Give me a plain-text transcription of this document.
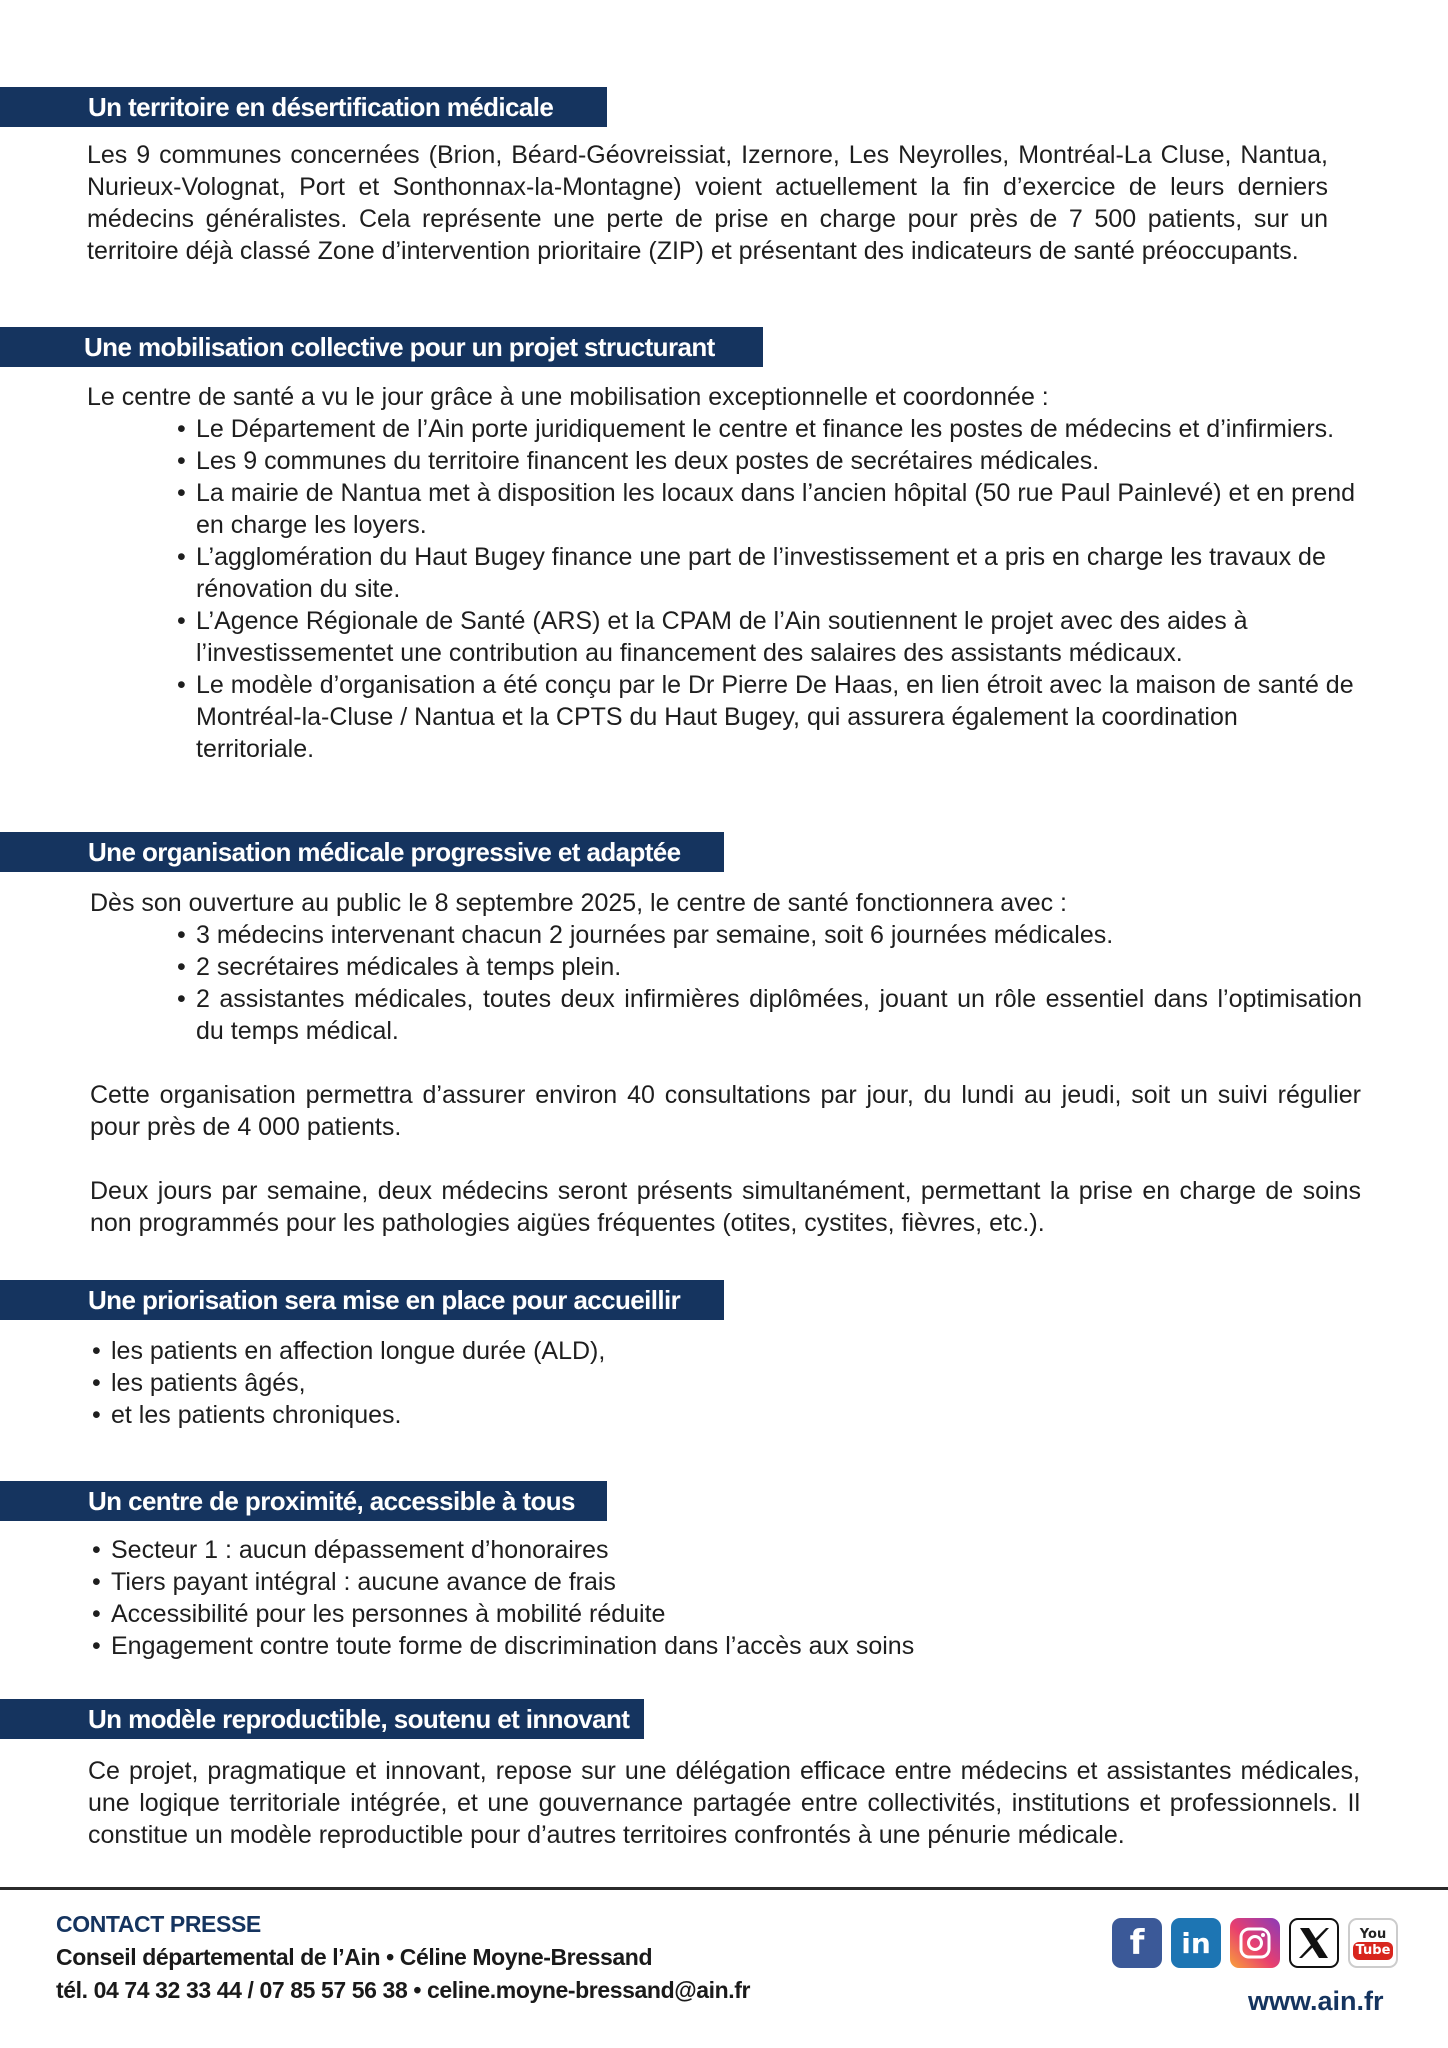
Un territoire en désertification médicale

Les 9 communes concernées (Brion, Béard-Géovreissiat, Izernore, Les Neyrolles, Montréal-La Cluse, Nantua, Nurieux-Volognat, Port et Sonthonnax-la-Montagne) voient actuellement la fin d’exercice de leurs derniers médecins généralistes. Cela représente une perte de prise en charge pour près de 7 500 patients, sur un territoire déjà classé Zone d’intervention prioritaire (ZIP) et présentant des indicateurs de santé préoccupants.

Une mobilisation collective pour un projet structurant

Le centre de santé a vu le jour grâce à une mobilisation exceptionnelle et coordonnée :

• Le Département de l’Ain porte juridiquement le centre et finance les postes de médecins et d’infirmiers.
• Les 9 communes du territoire financent les deux postes de secrétaires médicales.
• La mairie de Nantua met à disposition les locaux dans l’ancien hôpital (50 rue Paul Painlevé) et en prend en charge les loyers.
• L’agglomération du Haut Bugey finance une part de l’investissement et a pris en charge les travaux de rénovation du site.
• L’Agence Régionale de Santé (ARS) et la CPAM de l’Ain soutiennent le projet avec des aides à l’investissementet une contribution au financement des salaires des assistants médicaux.
• Le modèle d’organisation a été conçu par le Dr Pierre De Haas, en lien étroit avec la maison de santé de Montréal-la-Cluse / Nantua et la CPTS du Haut Bugey, qui assurera également la coordination territoriale.
Une organisation médicale progressive et adaptée

Dès son ouverture au public le 8 septembre 2025, le centre de santé fonctionnera avec :

• 3 médecins intervenant chacun 2 journées par semaine, soit 6 journées médicales.
• 2 secrétaires médicales à temps plein.
• 2 assistantes médicales, toutes deux infirmières diplômées, jouant un rôle essentiel dans l’optimisation du temps médical.

Cette organisation permettra d’assurer environ 40 consultations par jour, du lundi au jeudi, soit un suivi régulier pour près de 4 000 patients.

Deux jours par semaine, deux médecins seront présents simultanément, permettant la prise en charge de soins non programmés pour les pathologies aigües fréquentes (otites, cystites, fièvres, etc.).

Une priorisation sera mise en place pour accueillir
• les patients en affection longue durée (ALD),
• les patients âgés,
• et les patients chroniques.
Un centre de proximité, accessible à tous
• Secteur 1 : aucun dépassement d’honoraires
• Tiers payant intégral : aucune avance de frais
• Accessibilité pour les personnes à mobilité réduite
• Engagement contre toute forme de discrimination dans l’accès aux soins
Un modèle reproductible, soutenu et innovant

Ce projet, pragmatique et innovant, repose sur une délégation efficace entre médecins et assistantes médicales, une logique territoriale intégrée, et une gouvernance partagée entre collectivités, institutions et professionnels. Il constitue un modèle reproductible pour d’autres territoires confrontés à une pénurie médicale.

CONTACT PRESSE
Conseil départemental de l’Ain • Céline Moyne-Bressand
tél. 04 74 32 33 44 / 07 85 57 56 38 • celine.moyne-bressand@ain.fr
f in	You
Tube
www.ain.fr
